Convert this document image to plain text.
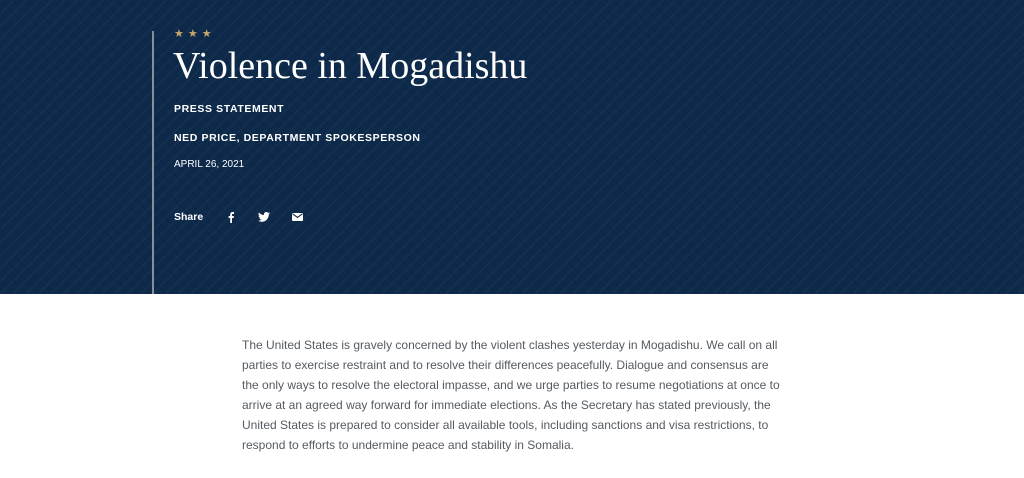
★★★
Violence in Mogadishu
PRESS STATEMENT
NED PRICE, DEPARTMENT SPOKESPERSON
APRIL 26, 2021
Share

The United States is gravely concerned by the violent clashes yesterday in Mogadishu. We call on all parties to exercise restraint and to resolve their differences peacefully. Dialogue and consensus are the only ways to resolve the electoral impasse, and we urge parties to resume negotiations at once to arrive at an agreed way forward for immediate elections. As the Secretary has stated previously, the United States is prepared to consider all available tools, including sanctions and visa restrictions, to respond to efforts to undermine peace and stability in Somalia.
